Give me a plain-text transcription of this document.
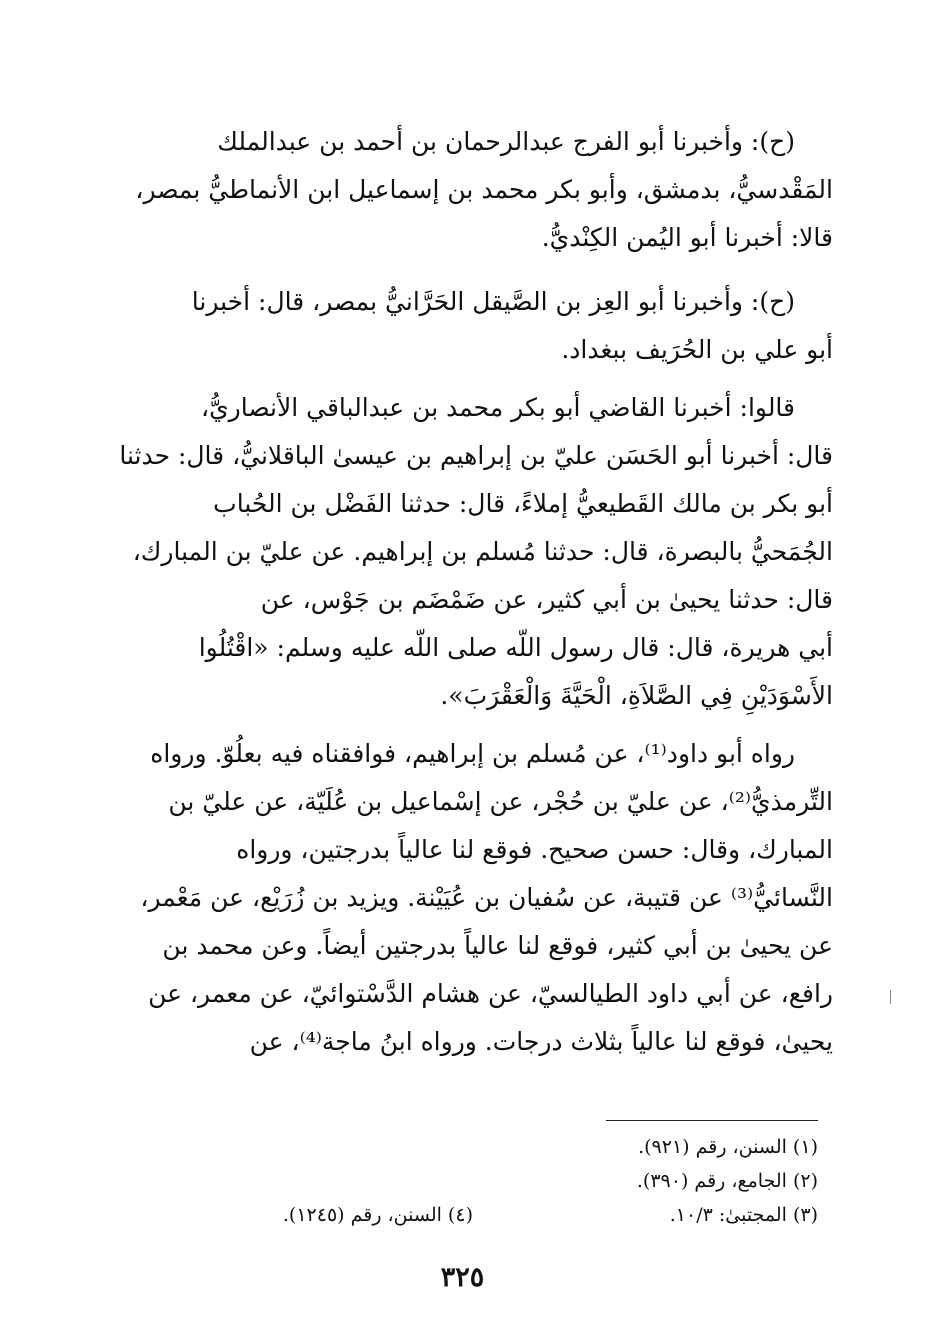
(ح): وأخبرنا أبو الفرج عبدالرحمان بن أحمد بن عبدالملك
المَقْدسيُّ، بدمشق، وأبو بكر محمد بن إسماعيل ابن الأنماطيُّ بمصر،
قالا: أخبرنا أبو اليُمن الكِنْديُّ.

(ح): وأخبرنا أبو العِز بن الصَّيقل الحَرَّانيُّ بمصر، قال: أخبرنا
أبو علي بن الحُرَيف ببغداد.

قالوا: أخبرنا القاضي أبو بكر محمد بن عبدالباقي الأنصاريُّ،
قال: أخبرنا أبو الحَسَن عليّ بن إبراهيم بن عيسىٰ الباقلانيُّ، قال: حدثنا
أبو بكر بن مالك القَطيعيُّ إملاءً، قال: حدثنا الفَضْل بن الحُباب
الجُمَحيُّ بالبصرة، قال: حدثنا مُسلم بن إبراهيم. عن عليّ بن المبارك،
قال: حدثنا يحيىٰ بن أبي كثير، عن ضَمْضَم بن جَوْس، عن
أبي هريرة، قال: قال رسول اللّه صلى اللّه عليه وسلم: «اقْتُلُوا
الأَسْوَدَيْنِ فِي الصَّلاَةِ، الْحَيَّةَ وَالْعَقْرَبَ».

رواه أبو داود⁽¹⁾، عن مُسلم بن إبراهيم، فوافقناه فيه بعلُوّ. ورواه
التِّرمذيُّ⁽²⁾، عن عليّ بن حُجْر، عن إسْماعيل بن عُلَيّة، عن عليّ بن
المبارك، وقال: حسن صحيح. فوقع لنا عالياً بدرجتين، ورواه
النَّسائيُّ⁽³⁾ عن قتيبة، عن سُفيان بن عُيَيْنة. ويزيد بن زُرَيْع، عن مَعْمر،
عن يحيىٰ بن أبي كثير، فوقع لنا عالياً بدرجتين أيضاً. وعن محمد بن
رافع، عن أبي داود الطيالسيّ، عن هشام الدَّسْتوائيّ، عن معمر، عن
يحيىٰ، فوقع لنا عالياً بثلاث درجات. ورواه ابنُ ماجة⁽⁴⁾، عن

(١) السنن، رقم (٩٢١).
(٢) الجامع، رقم (٣٩٠).
(٣) المجتبىٰ: ٣/‏١٠.
(٤) السنن، رقم (١٢٤٥).
٣٢٥
